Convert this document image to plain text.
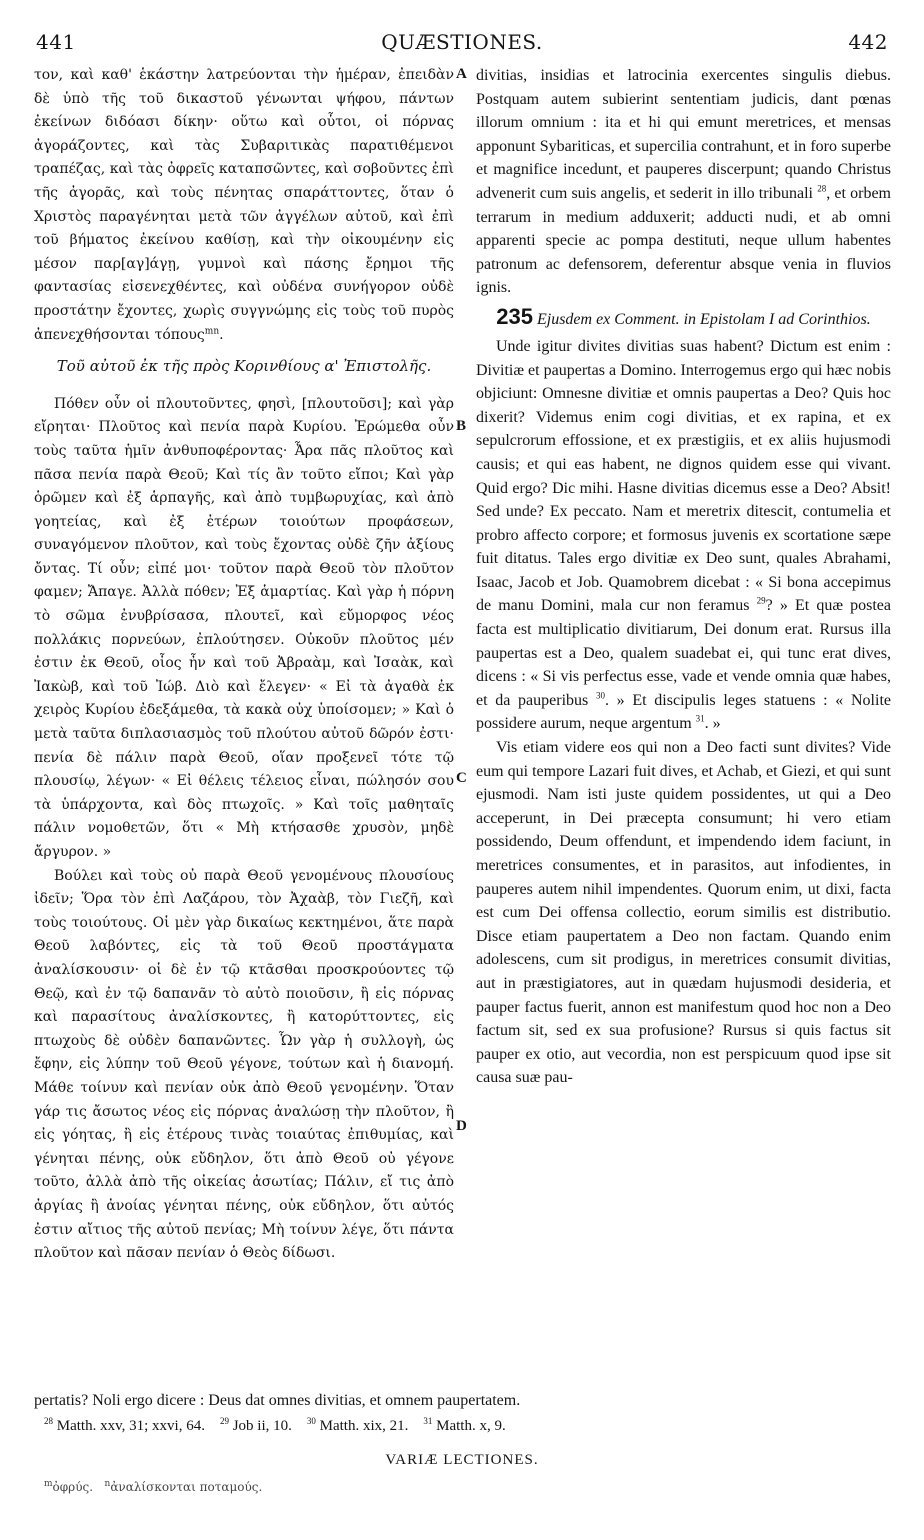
441	QUÆSTIONES.	442
A
B
C
D

τον, καὶ καθ' ἑκάστην λατρεύονται τὴν ἡμέραν, ἐπειδὰν δὲ ὑπὸ τῆς τοῦ δικαστοῦ γένωνται ψήφου, πάντων ἐκείνων διδόασι δίκην· οὕτω καὶ οὗτοι, οἱ πόρνας ἀγοράζοντες, καὶ τὰς Συβαριτικὰς παρατιθέμενοι τραπέζας, καὶ τὰς ὀφρεῖς καταπσῶντες, καὶ σοβοῦντες ἐπὶ τῆς ἀγορᾶς, καὶ τοὺς πένητας σπαράττοντες, ὅταν ὁ Χριστὸς παραγένηται μετὰ τῶν ἀγγέλων αὐτοῦ, καὶ ἐπὶ τοῦ βήματος ἐκείνου καθίσῃ, καὶ τὴν οἰκουμένην εἰς μέσον παρ[αγ]άγῃ, γυμνοὶ καὶ πάσης ἔρημοι τῆς φαντασίας εἰσενεχθέντες, καὶ οὐδένα συνήγορον οὐδὲ προστάτην ἔχοντες, χωρὶς συγγνώμης εἰς τοὺς τοῦ πυρὸς ἀπενεχθήσονται τόπους$^{mn}$.

Τοῦ αὐτοῦ ἐκ τῆς πρὸς Κορινθίους α' Ἐπιστολῆς.

Πόθεν οὖν οἱ πλουτοῦντες, φησὶ, [πλουτοῦσι]; καὶ γὰρ εἴρηται· Πλοῦτος καὶ πενία παρὰ Κυρίου. Ἐρώμεθα οὖν τοὺς ταῦτα ἡμῖν ἀνθυποφέροντας· Ἆρα πᾶς πλοῦτος καὶ πᾶσα πενία παρὰ Θεοῦ; Καὶ τίς ἂν τοῦτο εἴποι; Καὶ γὰρ ὁρῶμεν καὶ ἐξ ἁρπαγῆς, καὶ ἀπὸ τυμβωρυχίας, καὶ ἀπὸ γοητείας, καὶ ἐξ ἑτέρων τοιούτων προφάσεων, συναγόμενον πλοῦτον, καὶ τοὺς ἔχοντας οὐδὲ ζῆν ἀξίους ὄντας. Τί οὖν; εἰπέ μοι· τοῦτον παρὰ Θεοῦ τὸν πλοῦτον φαμεν; Ἄπαγε. Ἀλλὰ πόθεν; Ἐξ ἁμαρτίας. Καὶ γὰρ ἡ πόρνη τὸ σῶμα ἐνυβρίσασα, πλουτεῖ, καὶ εὔμορφος νέος πολλάκις πορνεύων, ἐπλούτησεν. Οὐκοῦν πλοῦτος μέν ἐστιν ἐκ Θεοῦ, οἷος ἦν καὶ τοῦ Ἀβραὰμ, καὶ Ἰσαὰκ, καὶ Ἰακὼβ, καὶ τοῦ Ἰώβ. Διὸ καὶ ἔλεγεν· « Εἰ τὰ ἀγαθὰ ἐκ χειρὸς Κυρίου ἐδεξάμεθα, τὰ κακὰ οὐχ ὑποίσομεν; » Καὶ ὁ μετὰ ταῦτα διπλασιασμὸς τοῦ πλούτου αὐτοῦ δῶρόν ἐστι· πενία δὲ πάλιν παρὰ Θεοῦ, οἵαν προξενεῖ τότε τῷ πλουσίῳ, λέγων· « Εἰ θέλεις τέλειος εἶναι, πώλησόν σου τὰ ὑπάρχοντα, καὶ δὸς πτωχοῖς. » Καὶ τοῖς μαθηταῖς πάλιν νομοθετῶν, ὅτι « Μὴ κτήσασθε χρυσὸν, μηδὲ ἄργυρον. »

Βούλει καὶ τοὺς οὐ παρὰ Θεοῦ γενομένους πλουσίους ἰδεῖν; Ὅρα τὸν ἐπὶ Λαζάρου, τὸν Ἀχαὰβ, τὸν Γιεζῆ, καὶ τοὺς τοιούτους. Οἱ μὲν γὰρ δικαίως κεκτημένοι, ἅτε παρὰ Θεοῦ λαβόντες, εἰς τὰ τοῦ Θεοῦ προστάγματα ἀναλίσκουσιν· οἱ δὲ ἐν τῷ κτᾶσθαι προσκρούοντες τῷ Θεῷ, καὶ ἐν τῷ δαπανᾶν τὸ αὐτὸ ποιοῦσιν, ἢ εἰς πόρνας καὶ παρασίτους ἀναλίσκοντες, ἢ κατορύττοντες, εἰς πτωχοὺς δὲ οὐδὲν δαπανῶντες. Ὧν γὰρ ἡ συλλογὴ, ὡς ἔφην, εἰς λύπην τοῦ Θεοῦ γέγονε, τούτων καὶ ἡ διανομή. Μάθε τοίνυν καὶ πενίαν οὐκ ἀπὸ Θεοῦ γενομένην. Ὅταν γάρ τις ἄσωτος νέος εἰς πόρνας ἀναλώσῃ τὴν πλοῦτον, ἢ εἰς γόητας, ἢ εἰς ἑτέρους τινὰς τοιαύτας ἐπιθυμίας, καὶ γένηται πένης, οὐκ εὔδηλον, ὅτι ἀπὸ Θεοῦ οὐ γέγονε τοῦτο, ἀλλὰ ἀπὸ τῆς οἰκείας ἀσωτίας; Πάλιν, εἴ τις ἀπὸ ἀργίας ἢ ἀνοίας γένηται πένης, οὐκ εὔδηλον, ὅτι αὐτός ἐστιν αἴτιος τῆς αὐτοῦ πενίας; Μὴ τοίνυν λέγε, ὅτι πάντα πλοῦτον καὶ πᾶσαν πενίαν ὁ Θεὸς δίδωσι.

divitias, insidias et latrocinia exercentes singulis diebus. Postquam autem subierint sententiam judicis, dant pœnas illorum omnium : ita et hi qui emunt meretrices, et mensas apponunt Sybariticas, et supercilia contrahunt, et in foro superbe et magnifice incedunt, et pauperes discerpunt; quando Christus advenerit cum suis angelis, et sederit in illo tribunali $^{28}$, et orbem terrarum in medium adduxerit; adducti nudi, et ab omni apparenti specie ac pompa destituti, neque ullum habentes patronum ac defensorem, deferentur absque venia in fluvios ignis.

235 Ejusdem ex Comment. in Epistolam I ad Corinthios.

Unde igitur divites divitias suas habent? Dictum est enim : Divitiæ et paupertas a Domino. Interrogemus ergo qui hæc nobis objiciunt: Omnesne divitiæ et omnis paupertas a Deo? Quis hoc dixerit? Videmus enim cogi divitias, et ex rapina, et ex sepulcrorum effossione, et ex præstigiis, et ex aliis hujusmodi causis; et qui eas habent, ne dignos quidem esse qui vivant. Quid ergo? Dic mihi. Hasne divitias dicemus esse a Deo? Absit! Sed unde? Ex peccato. Nam et meretrix ditescit, contumelia et probro affecto corpore; et formosus juvenis ex scortatione sæpe fuit ditatus. Tales ergo divitiæ ex Deo sunt, quales Abrahami, Isaac, Jacob et Job. Quamobrem dicebat : « Si bona accepimus de manu Domini, mala cur non feramus $^{29}$? » Et quæ postea facta est multiplicatio divitiarum, Dei donum erat. Rursus illa paupertas est a Deo, qualem suadebat ei, qui tunc erat dives, dicens : « Si vis perfectus esse, vade et vende omnia quæ habes, et da pauperibus $^{30}$. » Et discipulis leges statuens : « Nolite possidere aurum, neque argentum $^{31}$. »

Vis etiam videre eos qui non a Deo facti sunt divites? Vide eum qui tempore Lazari fuit dives, et Achab, et Giezi, et qui sunt ejusmodi. Nam isti juste quidem possidentes, ut qui a Deo acceperunt, in Dei præcepta consumunt; hi vero etiam possidendo, Deum offendunt, et impendendo idem faciunt, in meretrices consumentes, et in parasitos, aut infodientes, in pauperes autem nihil impendentes. Quorum enim, ut dixi, facta est cum Dei offensa collectio, eorum similis est distributio. Disce etiam paupertatem a Deo non factam. Quando enim adolescens, cum sit prodigus, in meretrices consumit divitias, aut in præstigiatores, aut in quædam hujusmodi desideria, et pauper factus fuerit, annon est manifestum quod hoc non a Deo factum sit, sed ex sua profusione? Rursus si quis factus sit pauper ex otio, aut vecordia, non est perspicuum quod ipse sit causa suæ pau-

pertatis? Noli ergo dicere : Deus dat omnes divitias, et omnem paupertatem.
$^{28}$ Matth. xxv, 31; xxvi, 64. $^{29}$ Job ii, 10. $^{30}$ Matth. xix, 21. $^{31}$ Matth. x, 9.
VARIÆ LECTIONES.
$^m$ὀφρύς. $^n$ἀναλίσκονται ποταμούς.
